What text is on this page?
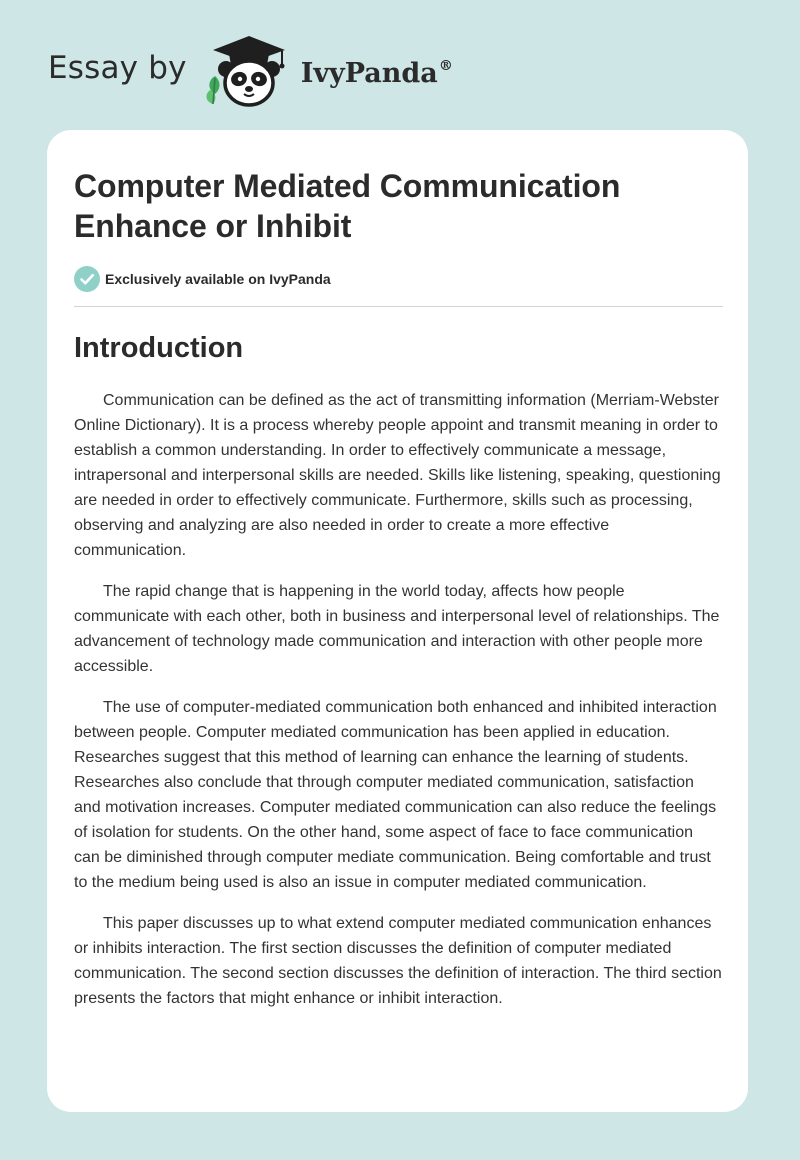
Essay by	IvyPanda®
Computer Mediated Communication Enhance or Inhibit
Exclusively available on IvyPanda
Introduction

Communication can be defined as the act of transmitting information (Merriam-Webster Online Dictionary). It is a process whereby people appoint and transmit meaning in order to establish a common understanding. In order to effectively communicate a message, intrapersonal and interpersonal skills are needed. Skills like listening, speaking, questioning are needed in order to effectively communicate. Furthermore, skills such as processing, observing and analyzing are also needed in order to create a more effective communication.

The rapid change that is happening in the world today, affects how people communicate with each other, both in business and interpersonal level of relationships. The advancement of technology made communication and interaction with other people more accessible.

The use of computer-mediated communication both enhanced and inhibited interaction between people. Computer mediated communication has been applied in education. Researches suggest that this method of learning can enhance the learning of students. Researches also conclude that through computer mediated communication, satisfaction and motivation increases. Computer mediated communication can also reduce the feelings of isolation for students. On the other hand, some aspect of face to face communication can be diminished through computer mediate communication. Being comfortable and trust to the medium being used is also an issue in computer mediated communication.

This paper discusses up to what extend computer mediated communication enhances or inhibits interaction. The first section discusses the definition of computer mediated communication. The second section discusses the definition of interaction. The third section presents the factors that might enhance or inhibit interaction.
